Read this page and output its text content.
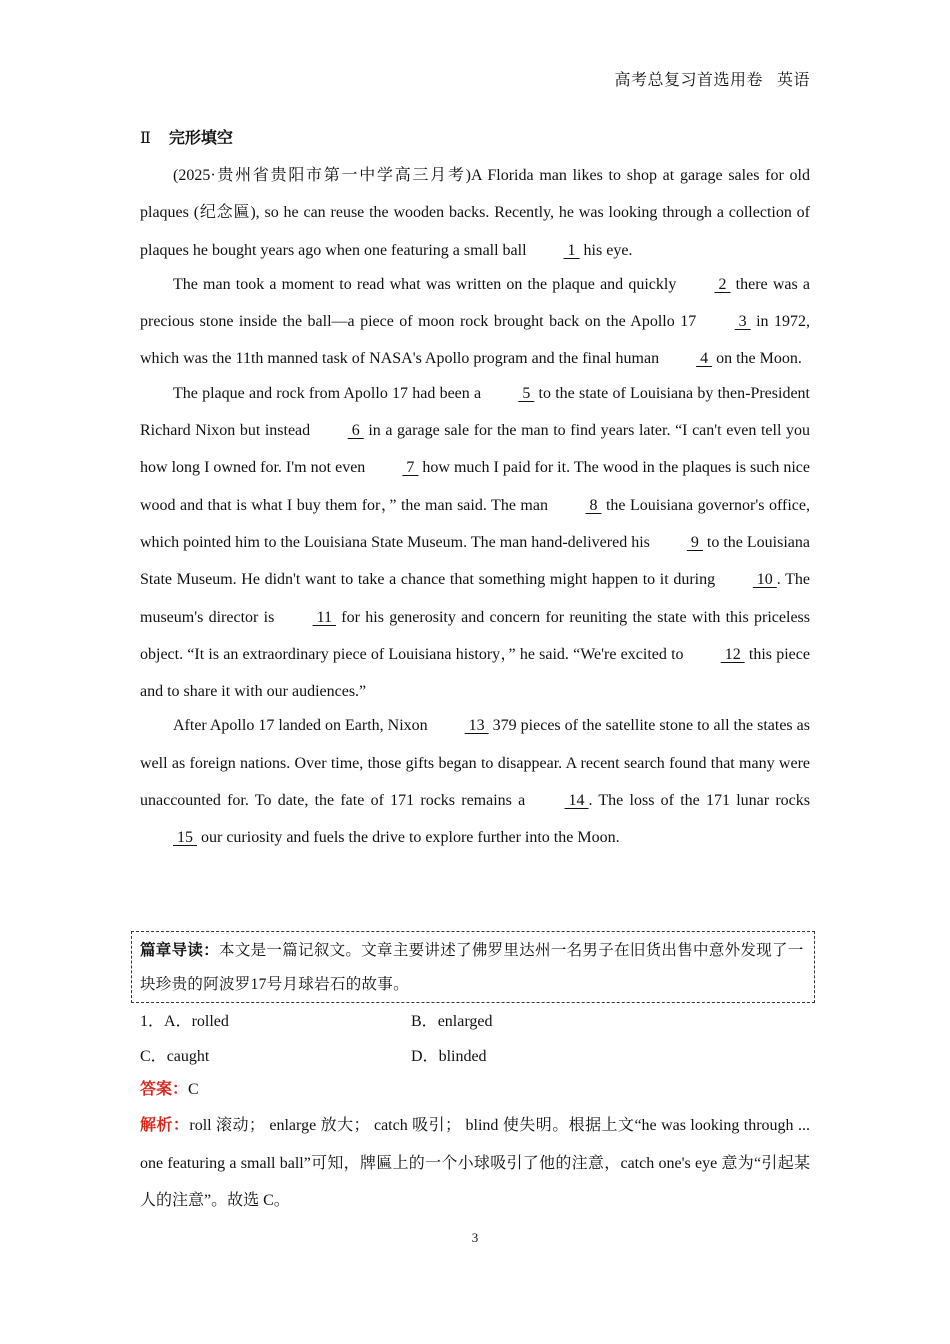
高考总复习首选用卷 英语
Ⅱ 完形填空

(2025·贵州省贵阳市第一中学高三月考)A Florida man likes to shop at garage sales for old plaques (纪念匾), so he can reuse the wooden backs. Recently, he was looking through a collection of plaques he bought years ago when one featuring a small ball  1  his eye.

The man took a moment to read what was written on the plaque and quickly  2  there was a precious stone inside the ball—a piece of moon rock brought back on the Apollo 17  3  in 1972, which was the 11th manned task of NASA's Apollo program and the final human  4  on the Moon.

The plaque and rock from Apollo 17 had been a  5  to the state of Louisiana by then-President Richard Nixon but instead  6  in a garage sale for the man to find years later. “I can't even tell you how long I owned for. I'm not even  7  how much I paid for it. The wood in the plaques is such nice wood and that is what I buy them for，” the man said. The man  8  the Louisiana governor's office, which pointed him to the Louisiana State Museum. The man hand-delivered his  9  to the Louisiana State Museum. He didn't want to take a chance that something might happen to it during  10 . The museum's director is  11  for his generosity and concern for reuniting the state with this priceless object. “It is an extraordinary piece of Louisiana history，” he said. “We're excited to  12  this piece and to share it with our audiences.”

After Apollo 17 landed on Earth, Nixon  13  379 pieces of the satellite stone to all the states as well as foreign nations. Over time, those gifts began to disappear. A recent search found that many were unaccounted for. To date, the fate of 171 rocks remains a  14 . The loss of the 171 lunar rocks  15  our curiosity and fuels the drive to explore further into the Moon.

篇章导读：本文是一篇记叙文。文章主要讲述了佛罗里达州一名男子在旧货出售中意外发现了一块珍贵的阿波罗17号月球岩石的故事。
1．A．rolled	B．enlarged
C．caught	D．blinded
答案：C
解析：roll 滚动； enlarge 放大； catch 吸引； blind 使失明。根据上文“he was looking through ... one featuring a small ball”可知，牌匾上的一个小球吸引了他的注意，catch one's eye 意为“引起某人的注意”。故选 C。
3
